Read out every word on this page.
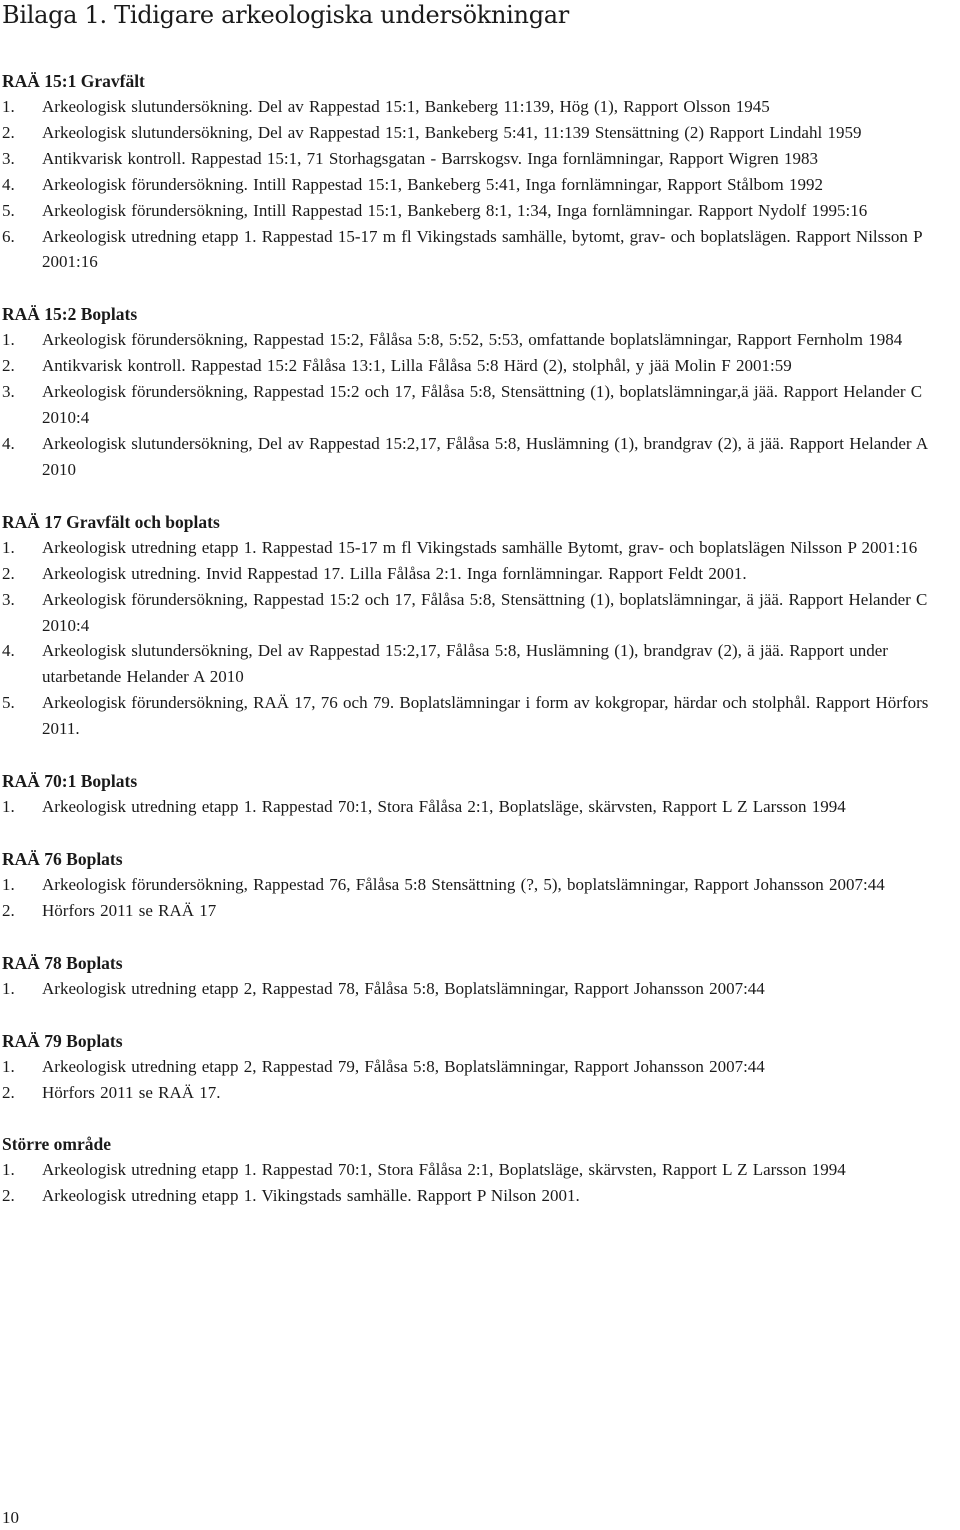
Bilaga 1. Tidigare arkeologiska undersökningar
RAÄ 15:1 Gravfält
1. Arkeologisk slutundersökning. Del av Rappestad 15:1, Bankeberg 11:139, Hög (1), Rapport Olsson 1945
2. Arkeologisk slutundersökning, Del av Rappestad 15:1, Bankeberg 5:41, 11:139 Stensättning (2) Rapport Lindahl 1959
3. Antikvarisk kontroll. Rappestad 15:1, 71 Storhagsgatan - Barrskogsv. Inga fornlämningar, Rapport Wigren 1983
4. Arkeologisk förundersökning. Intill Rappestad 15:1, Bankeberg 5:41, Inga fornlämningar, Rapport Stålbom 1992
5. Arkeologisk förundersökning, Intill Rappestad 15:1, Bankeberg 8:1, 1:34, Inga fornlämningar. Rapport Nydolf 1995:16
6. Arkeologisk utredning etapp 1. Rappestad 15-17 m fl Vikingstads samhälle, bytomt, grav- och boplatslägen. Rapport Nilsson P 2001:16
RAÄ 15:2 Boplats
1. Arkeologisk förundersökning, Rappestad 15:2, Fålåsa 5:8, 5:52, 5:53, omfattande boplatslämningar, Rapport Fernholm 1984
2. Antikvarisk kontroll. Rappestad 15:2 Fålåsa 13:1, Lilla Fålåsa 5:8 Härd (2), stolphål, y jää Molin F 2001:59
3. Arkeologisk förundersökning, Rappestad 15:2 och 17, Fålåsa 5:8, Stensättning (1), boplatslämningar,ä jää. Rapport Helander C 2010:4
4. Arkeologisk slutundersökning, Del av Rappestad 15:2,17, Fålåsa 5:8, Huslämning (1), brandgrav (2), ä jää. Rapport Helander A 2010
RAÄ 17 Gravfält och boplats
1. Arkeologisk utredning etapp 1. Rappestad 15-17 m fl Vikingstads samhälle Bytomt, grav- och boplatslägen Nilsson P 2001:16
2. Arkeologisk utredning. Invid Rappestad 17. Lilla Fålåsa 2:1. Inga fornlämningar. Rapport Feldt 2001.
3. Arkeologisk förundersökning, Rappestad 15:2 och 17, Fålåsa 5:8, Stensättning (1), boplatslämningar, ä jää. Rapport Helander C 2010:4
4. Arkeologisk slutundersökning, Del av Rappestad 15:2,17, Fålåsa 5:8, Huslämning (1), brandgrav (2), ä jää. Rapport under utarbetande Helander A 2010
5. Arkeologisk förundersökning, RAÄ 17, 76 och 79. Boplatslämningar i form av kokgropar, härdar och stolphål. Rapport Hörfors 2011.
RAÄ 70:1 Boplats
1. Arkeologisk utredning etapp 1. Rappestad 70:1, Stora Fålåsa 2:1, Boplatsläge, skärvsten, Rapport L Z Larsson 1994
RAÄ 76 Boplats
1. Arkeologisk förundersökning, Rappestad 76, Fålåsa 5:8 Stensättning (?, 5), boplatslämningar, Rapport Johansson 2007:44
2. Hörfors 2011 se RAÄ 17
RAÄ 78 Boplats
1. Arkeologisk utredning etapp 2, Rappestad 78, Fålåsa 5:8, Boplatslämningar, Rapport Johansson 2007:44
RAÄ 79 Boplats
1. Arkeologisk utredning etapp 2, Rappestad 79, Fålåsa 5:8, Boplatslämningar, Rapport Johansson 2007:44
2. Hörfors 2011 se RAÄ 17.
Större område
1. Arkeologisk utredning etapp 1. Rappestad 70:1, Stora Fålåsa 2:1, Boplatsläge, skärvsten, Rapport L Z Larsson 1994
2. Arkeologisk utredning etapp 1. Vikingstads samhälle. Rapport P Nilson 2001.
10
